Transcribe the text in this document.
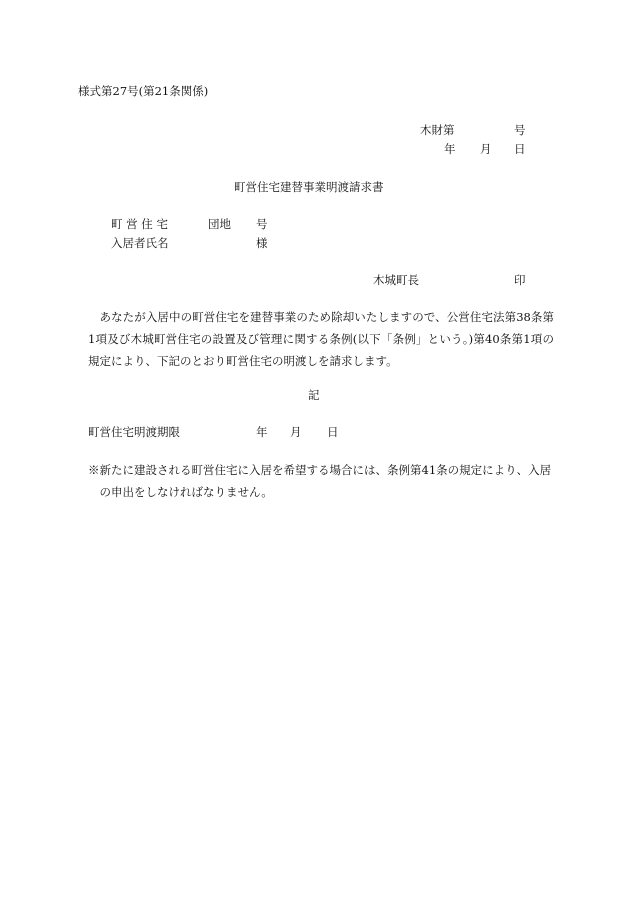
様式第27号(第21条関係)
木財第	号
年 月 日
町営住宅建替事業明渡請求書
町 営 住 宅	団地 号
入居者氏名	様
木城町長	印

あなたが入居中の町営住宅を建替事業のため除却いたしますので、公営住宅法第38条第1項及び木城町営住宅の設置及び管理に関する条例(以下「条例」という。)第40条第1項の規定により、下記のとおり町営住宅の明渡しを請求します。

記
町営住宅明渡期限	年 月 日
※新たに建設される町営住宅に入居を希望する場合には、条例第41条の規定により、入居の申出をしなければなりません。
